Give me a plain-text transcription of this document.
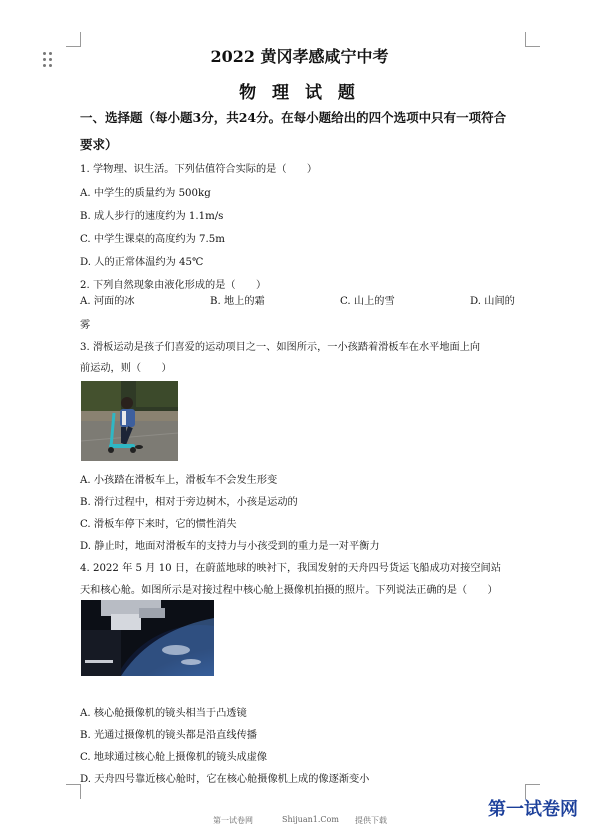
2022 黄冈孝感咸宁中考
物 理 试 题
一、选择题（每小题3分，共24分。在每小题给出的四个选项中只有一项符合
要求）
1. 学物理、识生活。下列估值符合实际的是（　　）
A. 中学生的质量约为 500kg
B. 成人步行的速度约为 1.1m/s
C. 中学生课桌的高度约为 7.5m
D. 人的正常体温约为 45℃
2. 下列自然现象由液化形成的是（　　）
A. 河面的冰	B. 地上的霜	C. 山上的雪	D. 山间的
雾
3. 滑板运动是孩子们喜爱的运动项目之一、如图所示，一小孩踏着滑板车在水平地面上向
前运动，则（　　）
A. 小孩踏在滑板车上，滑板车不会发生形变
B. 滑行过程中，相对于旁边树木，小孩是运动的
C. 滑板车停下来时，它的惯性消失
D. 静止时，地面对滑板车的支持力与小孩受到的重力是一对平衡力
4. 2022 年 5 月 10 日，在蔚蓝地球的映衬下，我国发射的天舟四号货运飞船成功对接空间站
天和核心舱。如图所示是对接过程中核心舱上摄像机拍摄的照片。下列说法正确的是（　　）
A. 核心舱摄像机的镜头相当于凸透镜
B. 光通过摄像机的镜头都是沿直线传播
C. 地球通过核心舱上摄像机的镜头成虚像
D. 天舟四号靠近核心舱时，它在核心舱摄像机上成的像逐渐变小
第一试卷网	Shijuan1.Com 提供下载
第一试卷网
